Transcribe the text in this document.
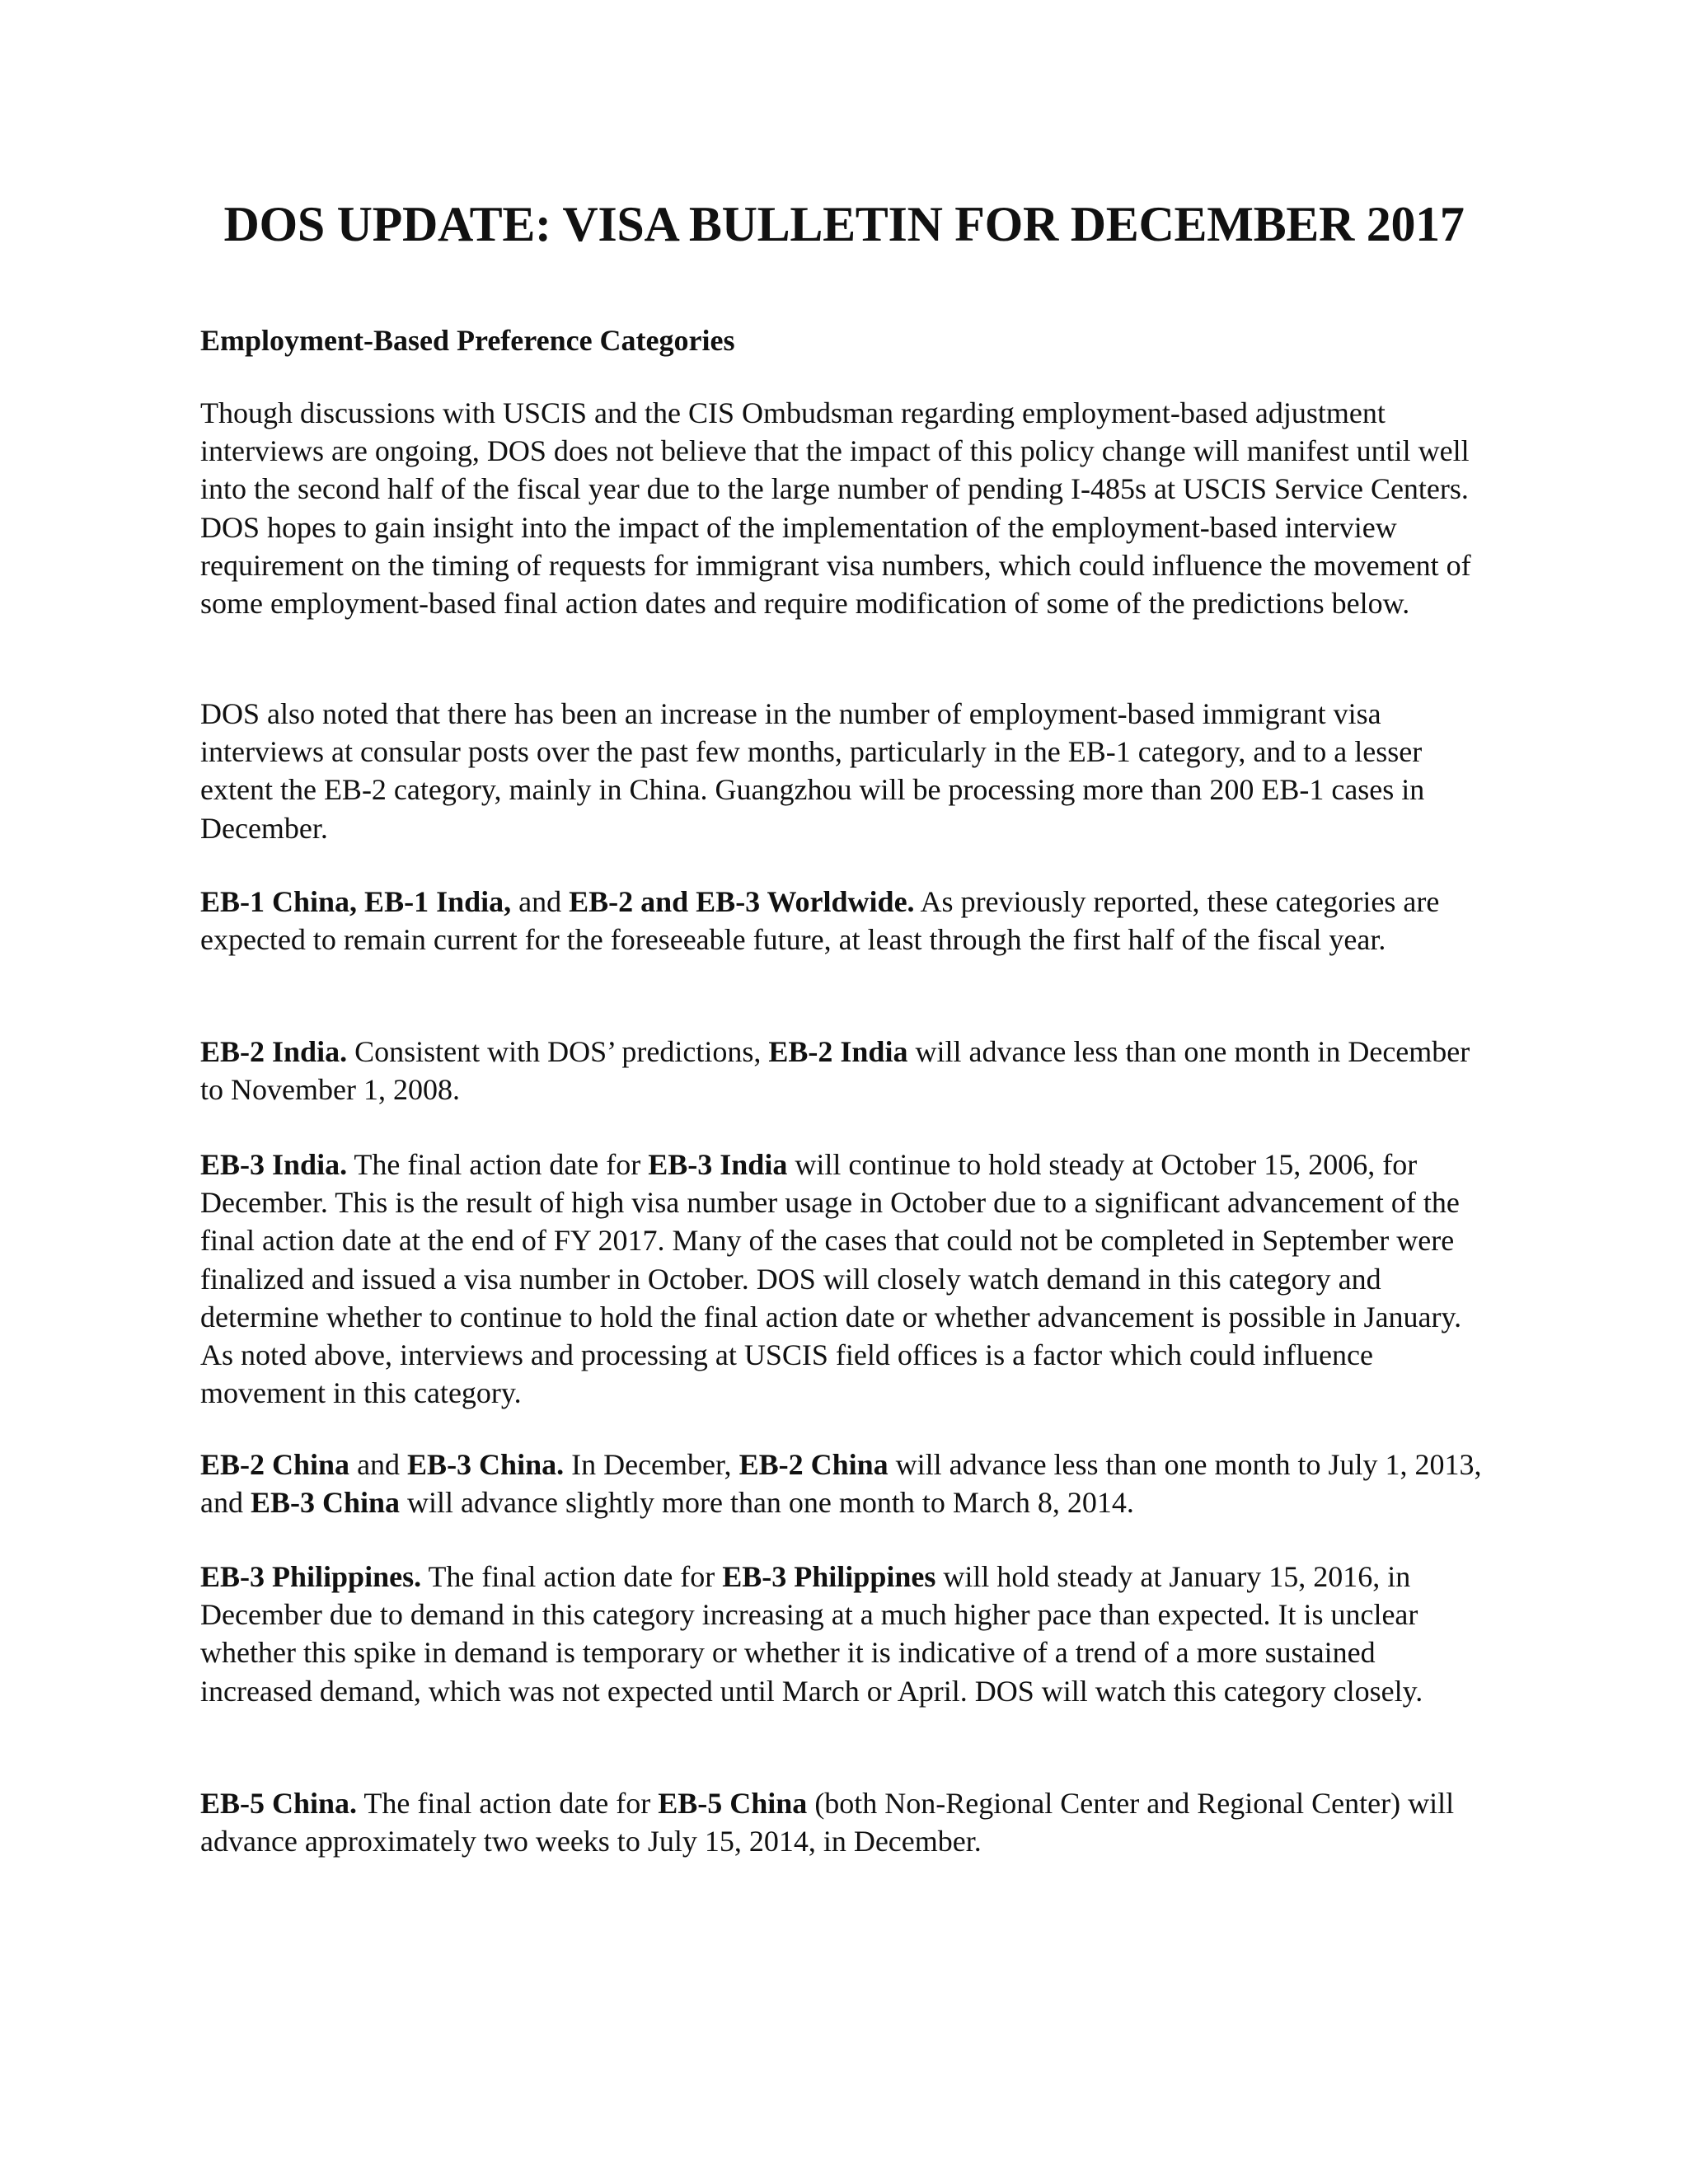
DOS UPDATE: VISA BULLETIN FOR DECEMBER 2017
Employment-Based Preference Categories

Though discussions with USCIS and the CIS Ombudsman regarding employment-based adjustment interviews are ongoing, DOS does not believe that the impact of this policy change will manifest until well into the second half of the fiscal year due to the large number of pending I-485s at USCIS Service Centers. DOS hopes to gain insight into the impact of the implementation of the employment-based interview requirement on the timing of requests for immigrant visa numbers, which could influence the movement of some employment-based final action dates and require modification of some of the predictions below.

DOS also noted that there has been an increase in the number of employment-based immigrant visa interviews at consular posts over the past few months, particularly in the EB-1 category, and to a lesser extent the EB-2 category, mainly in China. Guangzhou will be processing more than 200 EB-1 cases in December.

EB-1 China, EB-1 India, and EB-2 and EB-3 Worldwide. As previously reported, these categories are expected to remain current for the foreseeable future, at least through the first half of the fiscal year.

EB-2 India. Consistent with DOS’ predictions, EB-2 India will advance less than one month in December to November 1, 2008.

EB-3 India. The final action date for EB-3 India will continue to hold steady at October 15, 2006, for December. This is the result of high visa number usage in October due to a significant advancement of the final action date at the end of FY 2017. Many of the cases that could not be completed in September were finalized and issued a visa number in October. DOS will closely watch demand in this category and determine whether to continue to hold the final action date or whether advancement is possible in January. As noted above, interviews and processing at USCIS field offices is a factor which could influence movement in this category.

EB-2 China and EB-3 China. In December, EB-2 China will advance less than one month to July 1, 2013, and EB-3 China will advance slightly more than one month to March 8, 2014.

EB-3 Philippines. The final action date for EB-3 Philippines will hold steady at January 15, 2016, in December due to demand in this category increasing at a much higher pace than expected. It is unclear whether this spike in demand is temporary or whether it is indicative of a trend of a more sustained increased demand, which was not expected until March or April. DOS will watch this category closely.

EB-5 China. The final action date for EB-5 China (both Non-Regional Center and Regional Center) will advance approximately two weeks to July 15, 2014, in December.
